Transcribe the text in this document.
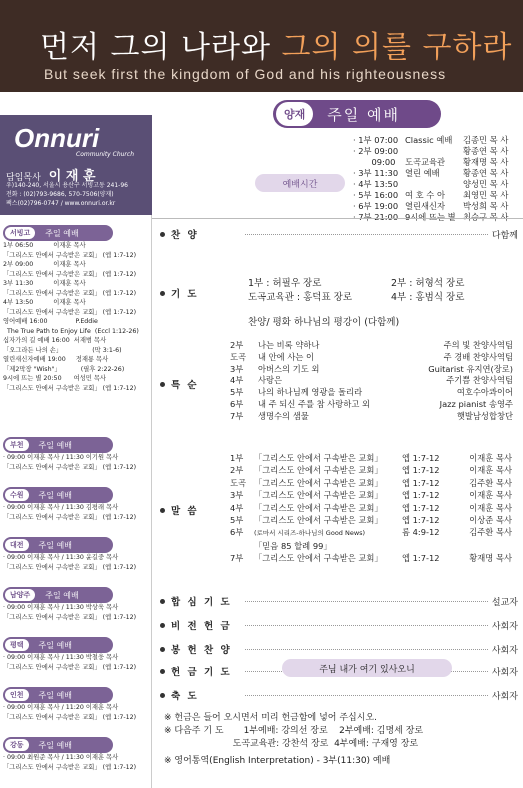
먼저 그의 나라와 그의 의를 구하라
But seek first the kingdom of God and his righteousness
Onnuri
Community Church
담임목사 이 재 훈
우)140-240, 서울시 용산구 서빙고동 241-96
전화 : (02)793-9686, 570-7506(양재)
팩스(02)796-0747 / www.onnuri.or.kr
서빙고	주일 예배
1부 06:50          이재훈 목사
「그리스도 안에서 구속받은 교회」 (엡 1:7-12)
2부 09:00          이재훈 목사
「그리스도 안에서 구속받은 교회」 (엡 1:7-12)
3부 11:30          이재훈 목사
「그리스도 안에서 구속받은 교회」 (엡 1:7-12)
4부 13:50          이재훈 목사
「그리스도 안에서 구속받은 교회」 (엡 1:7-12)
영어예배 16:00              P.Eddie
The True Path to Enjoy Life  (Eccl 1:12-26)
십자가의 길 예배 16:00  서재범 목사
「오그라든 나의 손」               (막 3:1-6)
열린새신자예배 19:00     정재룡 목사
「제2막장 "Wish"」          (필후 2:22-26)
9시에 뜨는 별 20:50      여성민 목사
「그리스도 안에서 구속받은 교회」 (엡 1:7-12)
부천	주일 예배
· 09:00 이재훈 목사 / 11:30 이기원 목사
「그리스도 안에서 구속받은 교회」 (엡 1:7-12)
수원	주일 예배
· 09:00 이재훈 목사 / 11:30 김평래 목사
「그리스도 안에서 구속받은 교회」 (엡 1:7-12)
대전	주일 예배
· 09:00 이재훈 목사 / 11:30 윤길중 목사
「그리스도 안에서 구속받은 교회」 (엡 1:7-12)
남양주	주일 예배
· 09:00 이재훈 목사 / 11:30 박상욱 목사
「그리스도 안에서 구속받은 교회」 (엡 1:7-12)
평택	주일 예배
· 09:00 이재훈 목사 / 11:30 박철웅 목사
「그리스도 안에서 구속받은 교회」 (엡 1:7-12)
인천	주일 예배
· 09:00 이재훈 목사 / 11:20 이재훈 목사
「그리스도 안에서 구속받은 교회」 (엡 1:7-12)
강동	주일 예배
· 09:00 최원준 목사 / 11:30 이재훈 목사
「그리스도 안에서 구속받은 교회」 (엡 1:7-12)
양재	주일 예배
예배시간
· 1부 07:00 Classic 예배	김종민 목 사
· 2부 09:00	황종연 목 사
09:00	도곡교육관	황재명 목 사
· 3부 11:30 열린 예배	황종연 목 사
· 4부 13:50	양성민 목 사
· 5부 16:00 여 호 수 아	최영민 목 사
· 6부 19:00 열린새신자	박성희 목 사
· 7부 21:00 9시에 뜨는 별 최승구 목 사
찬 양	다함께
기 도
1부 : 허필우 장로	2부 : 허형석 장로
도곡교육관 : 홍덕표 장로	4부 : 홍범식 장로
찬양/ 평화 하나님의 평강이 (다함께)
특 순
2부 나는 비록 약하나	주의 빛 찬양사역팀
도곡 내 안에 사는 이	주 경배 찬양사역팀
3부 아버스의 기도 외	Guitarist 유지연(장로)
4부 사랑은	주기쁨 찬양사역팀
5부 나의 하나님께 영광을 돌리라	여호수아콰이어
6부 내 주 되신 주를 참 사랑하고 외	Jazz pianist 송영주
7부 생명수의 샘물	햇발남성합창단
말 씀
1부 「그리스도 안에서 구속받은 교회」 엡 1:7-12	이재훈 목사
2부 「그리스도 안에서 구속받은 교회」 엡 1:7-12	이재훈 목사
도곡 「그리스도 안에서 구속받은 교회」 엡 1:7-12	김주환 목사
3부 「그리스도 안에서 구속받은 교회」 엡 1:7-12	이재훈 목사
4부 「그리스도 안에서 구속받은 교회」 엡 1:7-12	이재훈 목사
5부 「그리스도 안에서 구속받은 교회」 엡 1:7-12	이상준 목사
6부 (로마서 시리즈-하나님의 Good News)	롬 4:9-12	김주환 목사
「믿음 85 할례 99」
7부 「그리스도 안에서 구속받은 교회」 엡 1:7-12	황재명 목사
합 심 기 도	설교자
비 전 헌 금	사회자
봉 헌 찬 양	사회자
헌 금 기 도	사회자
주님 내가 여기 있사오니
축 도	사회자
※ 헌금은 들어 오시면서 미리 헌금함에 넣어 주십시오.
※ 다음주 기 도       1부예배: 강의선 장로    2부예배: 김명세 장로
도곡교육관: 강찬석 장로  4부예배: 구재영 장로
※ 영어통역(English Interpretation) - 3부(11:30) 예배
